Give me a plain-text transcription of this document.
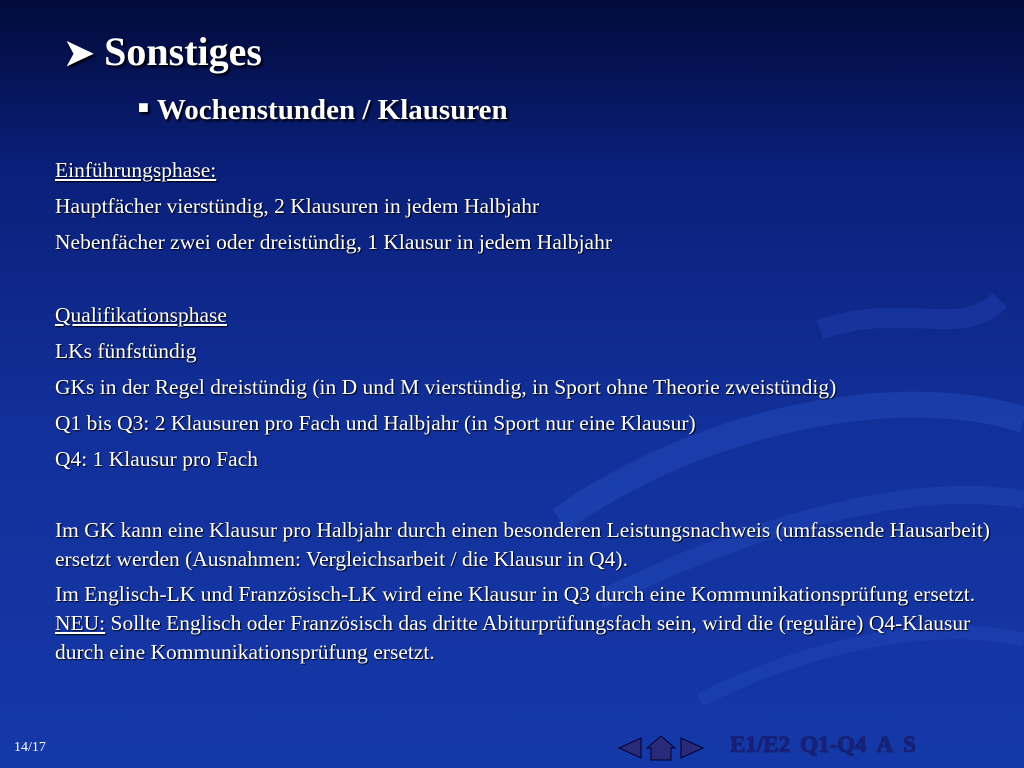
➤ Sonstiges
■ Wochenstunden / Klausuren
Einführungsphase:
Hauptfächer vierstündig, 2 Klausuren in jedem Halbjahr
Nebenfächer zwei oder dreistündig, 1 Klausur in jedem Halbjahr
Qualifikationsphase
LKs fünfstündig
GKs in der Regel dreistündig (in D und M vierstündig, in Sport ohne Theorie zweistündig)
Q1 bis Q3: 2 Klausuren pro Fach und Halbjahr (in Sport nur eine Klausur)
Q4: 1 Klausur pro Fach
Im GK kann eine Klausur pro Halbjahr durch einen besonderen Leistungsnachweis (umfassende Hausarbeit) ersetzt werden (Ausnahmen: Vergleichsarbeit / die Klausur in Q4).
Im Englisch-LK und Französisch-LK wird eine Klausur in Q3 durch eine Kommunikationsprüfung ersetzt.
NEU: Sollte Englisch oder Französisch das dritte Abiturprüfungsfach sein, wird die (reguläre) Q4-Klausur durch eine Kommunikationsprüfung ersetzt.
14/17	E1/E2 Q1-Q4 A S
